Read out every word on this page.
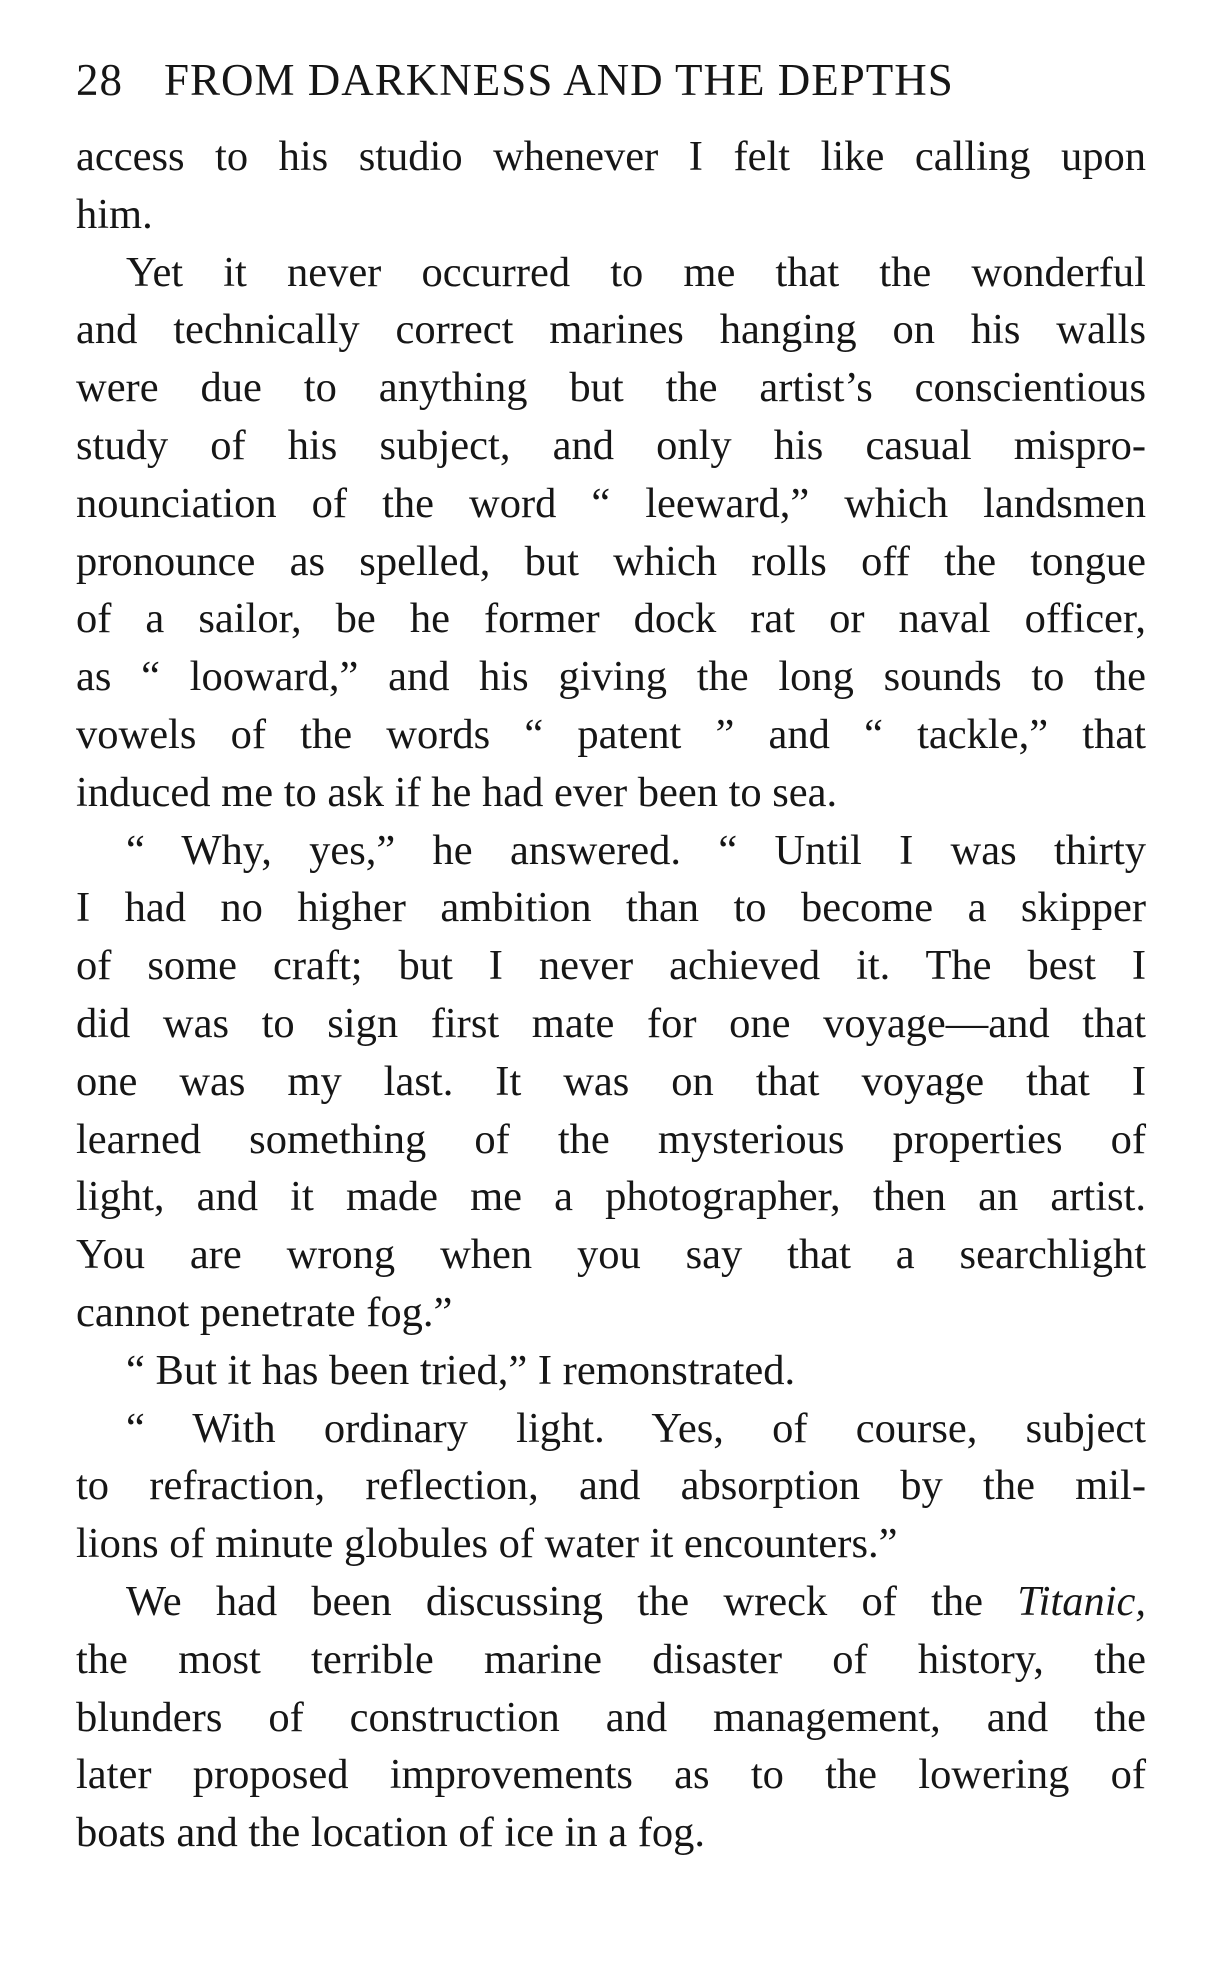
28 FROM DARKNESS AND THE DEPTHS

access to his studio whenever I felt like calling upon

him.

Yet it never occurred to me that the wonderful

and technically correct marines hanging on his walls

were due to anything but the artist’s conscientious

study of his subject, and only his casual mispro-

nounciation of the word “ leeward,” which landsmen

pronounce as spelled, but which rolls off the tongue

of a sailor, be he former dock rat or naval officer,

as “ looward,” and his giving the long sounds to the

vowels of the words “ patent ” and “ tackle,” that

induced me to ask if he had ever been to sea.

“ Why, yes,” he answered. “ Until I was thirty

I had no higher ambition than to become a skipper

of some craft; but I never achieved it. The best I

did was to sign first mate for one voyage—and that

one was my last. It was on that voyage that I

learned something of the mysterious properties of

light, and it made me a photographer, then an artist.

You are wrong when you say that a searchlight

cannot penetrate fog.”

“ But it has been tried,” I remonstrated.

“ With ordinary light. Yes, of course, subject

to refraction, reflection, and absorption by the mil-

lions of minute globules of water it encounters.”

We had been discussing the wreck of the Titanic,

the most terrible marine disaster of history, the

blunders of construction and management, and the

later proposed improvements as to the lowering of

boats and the location of ice in a fog.
